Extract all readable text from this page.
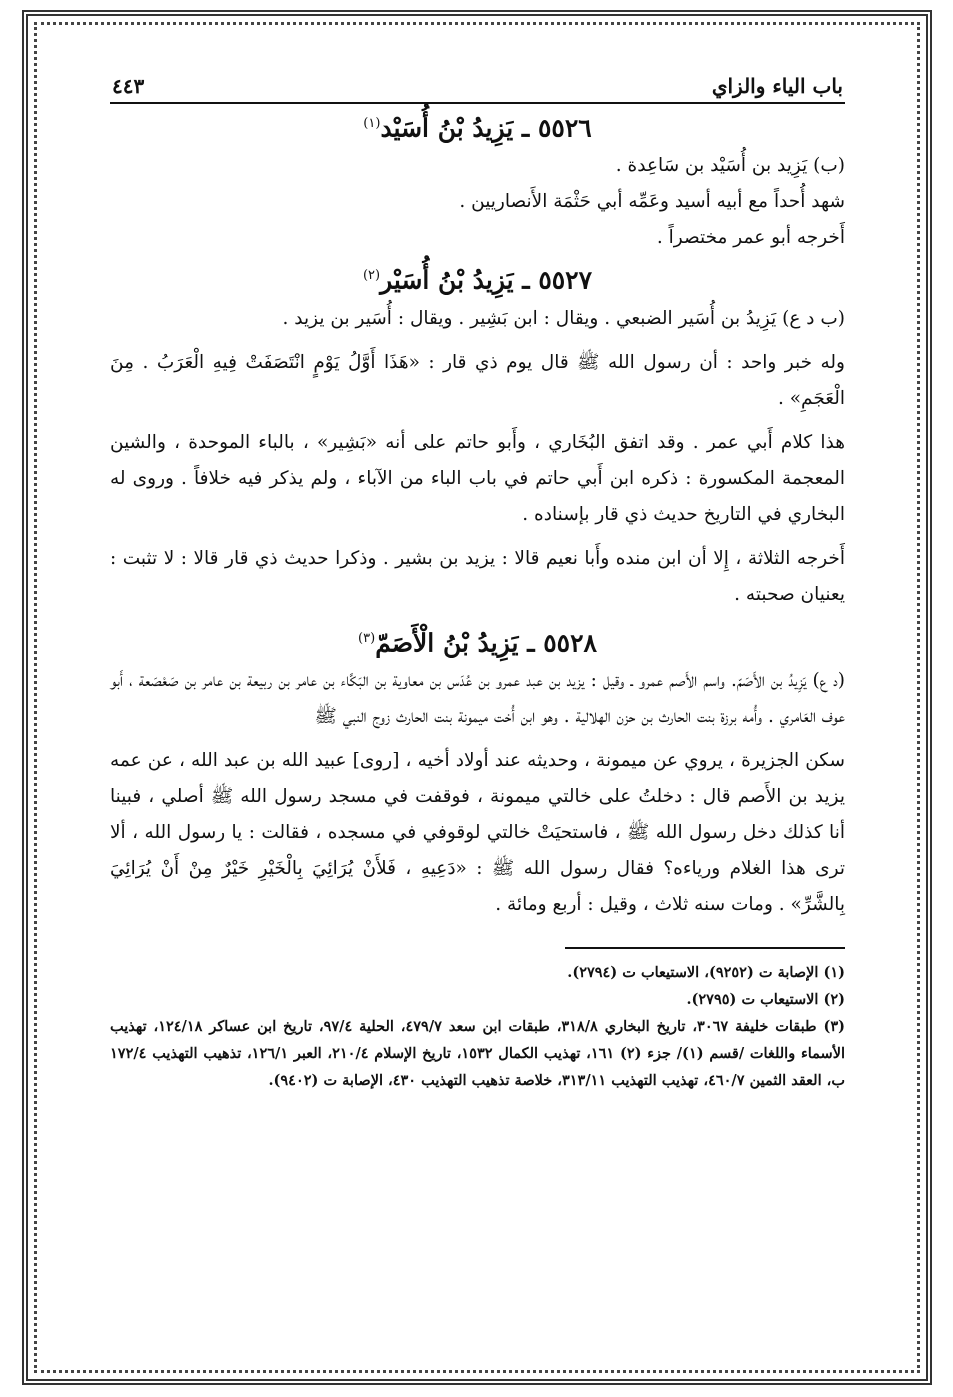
باب الياء والزاي
٤٤٣
٥٥٢٦ ـ يَزِيدُ بْنُ أُسَيْد$^{(١)}$

(ب) يَزِيد بن أُسَيْد بن سَاعِدة .

شهد أُحداً مع أبيه أسيد وعَمِّه أبي حَثْمَة الأَنصاريين .

أَخرجه أبو عمر مختصراً .

٥٥٢٧ ـ يَزِيدُ بْنُ أُسَيْر$^{(٢)}$

(ب د ع) يَزِيدُ بن أُسَير الضبعي . ويقال : ابن بَشِير . ويقال : أُسَير بن يزيد .

وله خبر واحد : أن رسول الله ﷺ قال يوم ذي قار : «هَذَا أَوَّلُ يَوْمٍ انْتَصَفَتْ فِيهِ الْعَرَبُ . مِنَ الْعَجَمِ» .

هذا كلام أَبي عمر . وقد اتفق البُخَاري ، وأَبو حاتم على أنه «بَشِير» ، بالباء الموحدة ، والشين المعجمة المكسورة : ذكره ابن أَبي حاتم في باب الباء من الآباء ، ولم يذكر فيه خلافاً . وروى له البخاري في التاريخ حديث ذي قار بإسناده .

أَخرجه الثلاثة ، إِلا أن ابن منده وأَبا نعيم قالا : يزيد بن بشير . وذكرا حديث ذي قار قالا : لا تثبت : يعنيان صحبته .

٥٥٢٨ ـ يَزِيدُ بْنُ الْأَصَمّ$^{(٣)}$

(د ع) يَزِيدُ بن الأَصَمّ. واسم الأَصم عمرو ـ وقيل : يزيد بن عبد عمرو بن عُدَس بن معاوية بن البَكَّاء بن عامر بن ربيعة بن عامر بن صَعْصَعة ، أَبو عوف العَامري . وأُمه برزة بنت الحارث بن حزن الهلالية . وهو ابن أُخت ميمونة بنت الحارث زوج النبي ﷺ

سكن الجزيرة ، يروي عن ميمونة ، وحديثه عند أولاد أخيه ، [روى] عبيد الله بن عبد الله ، عن عمه يزيد بن الأَصم قال : دخلتُ على خالتي ميمونة ، فوقفت في مسجد رسول الله ﷺ أصلي ، فبينا أنا كذلك دخل رسول الله ﷺ ، فاستحيَتْ خالتي لوقوفي في مسجده ، فقالت : يا رسول الله ، ألا ترى هذا الغلام ورياءه؟ فقال رسول الله ﷺ : «دَعِيهِ ، فَلأَنْ يُرَائِيَ بِالْخَيْرِ خَيْرٌ مِنْ أَنْ يُرَائِيَ بِالشَّرِّ» . ومات سنه ثلاث ، وقيل : أربع ومائة .

(١) الإصابة ت (٩٢٥٢)، الاستيعاب ت (٢٧٩٤).

(٢) الاستيعاب ت (٢٧٩٥).

(٣) طبقات خليفة ٣٠٦٧، تاريخ البخاري ٣١٨/٨، طبقات ابن سعد ٤٧٩/٧، الحلية ٩٧/٤، تاريخ ابن عساكر ١٢٤/١٨، تهذيب الأسماء واللغات /قسم (١)/ جزء (٢) ١٦١، تهذيب الكمال ١٥٣٢، تاريخ الإسلام ٢١٠/٤، العبر ١٢٦/١، تذهيب التهذيب ١٧٢/٤ ب، العقد الثمين ٤٦٠/٧، تهذيب التهذيب ٣١٣/١١، خلاصة تذهيب التهذيب ٤٣٠، الإصابة ت (٩٤٠٢).
